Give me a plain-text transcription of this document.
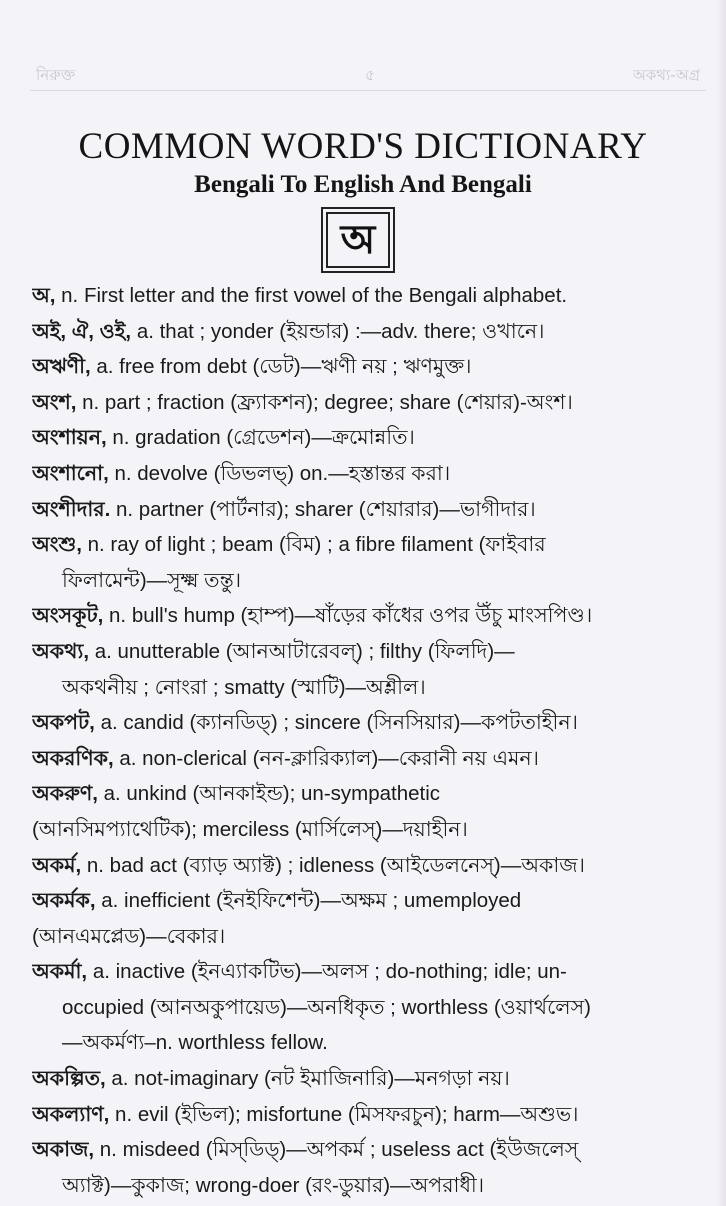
নিরুক্ত	৫	অকথ্য-অগ্র
COMMON WORD'S DICTIONARY
Bengali To English And Bengali
অ
অ, n. First letter and the first vowel of the Bengali alphabet.
অই, ঐ, ওই, a. that ; yonder (ইয়ন্ডার) :—adv. there; ওখানে।
অঋণী, a. free from debt (ডেট)—ঋণী নয় ; ঋণমুক্ত।
অংশ, n. part ; fraction (ফ্র্যাকশন); degree; share (শেয়ার)-অংশ।
অংশায়ন, n. gradation (গ্রেডেশন)—ক্রমোন্নতি।
অংশানো, n. devolve (ডিভলভ্) on.—হস্তান্তর করা।
অংশীদার. n. partner (পার্টনার); sharer (শেয়ারার)—ভাগীদার।
অংশু, n. ray of light ; beam (বিম) ; a fibre filament (ফাইবার
ফিলামেন্ট)—সূক্ষ্ম তন্তু।
অংসকূট, n. bull's hump (হাম্প)—ষাঁড়ের কাঁধের ওপর উঁচু মাংসপিণ্ড।
অকথ্য, a. unutterable (আনআটারেবল্) ; filthy (ফিলদি)—
অকথনীয় ; নোংরা ; smatty (স্মাটি)—অশ্লীল।
অকপট, a. candid (ক্যানডিড্) ; sincere (সিনসিয়ার)—কপটতাহীন।
অকরণিক, a. non-clerical (নন-ক্লারিক্যাল)—কেরানী নয় এমন।
অকরুণ, a. unkind (আনকাইন্ড); un-sympathetic
(আনসিমপ্যাথেটিক); merciless (মার্সিলেস্)—দয়াহীন।
অকর্ম, n. bad act (ব্যাড় অ্যাক্ট) ; idleness (আইডেলনেস্)—অকাজ।
অকর্মক, a. inefficient (ইনইফিশেন্ট)—অক্ষম ; umemployed
(আনএমপ্লেড)—বেকার।
অকর্মা, a. inactive (ইনএ্যাকটিভ)—অলস ; do-nothing; idle; un-
occupied (আনঅকুপায়েড)—অনধিকৃত ; worthless (ওয়ার্থলেস)
—অকর্মণ্য–n. worthless fellow.
অকল্পিত, a. not-imaginary (নট ইমাজিনারি)—মনগড়া নয়।
অকল্যাণ, n. evil (ইভিল); misfortune (মিসফরচুন); harm—অশুভ।
অকাজ, n. misdeed (মিস্‌ডিড্)—অপকর্ম ; useless act (ইউজলেস্
অ্যাক্ট)—কুকাজ; wrong-doer (রং-ডুয়ার)—অপরাধী।
